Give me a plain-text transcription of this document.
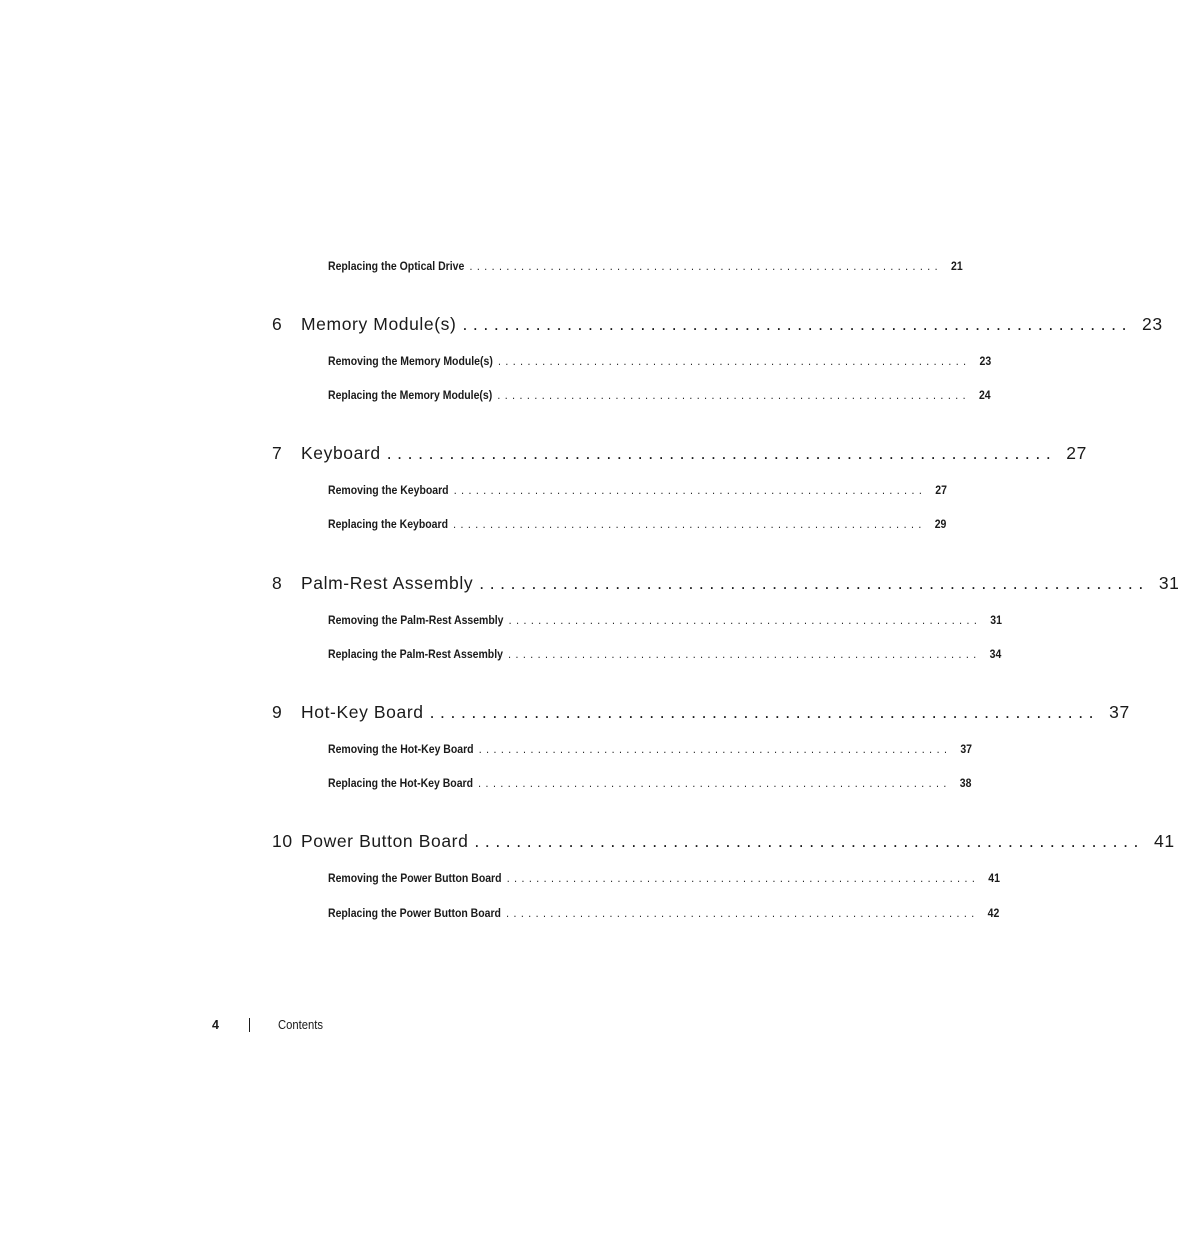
Replacing the Optical Drive ................................................................ 21
6	Memory Module(s) ................................................................ 23
Removing the Memory Module(s) ................................................................ 23
Replacing the Memory Module(s) ................................................................ 24
7	Keyboard ................................................................ 27
Removing the Keyboard ................................................................ 27
Replacing the Keyboard ................................................................ 29
8	Palm-Rest Assembly ................................................................ 31
Removing the Palm-Rest Assembly ................................................................ 31
Replacing the Palm-Rest Assembly ................................................................ 34
9	Hot-Key Board ................................................................ 37
Removing the Hot-Key Board ................................................................ 37
Replacing the Hot-Key Board ................................................................ 38
10 Power Button Board ................................................................ 41
Removing the Power Button Board ................................................................ 41
Replacing the Power Button Board ................................................................ 42
4	Contents
